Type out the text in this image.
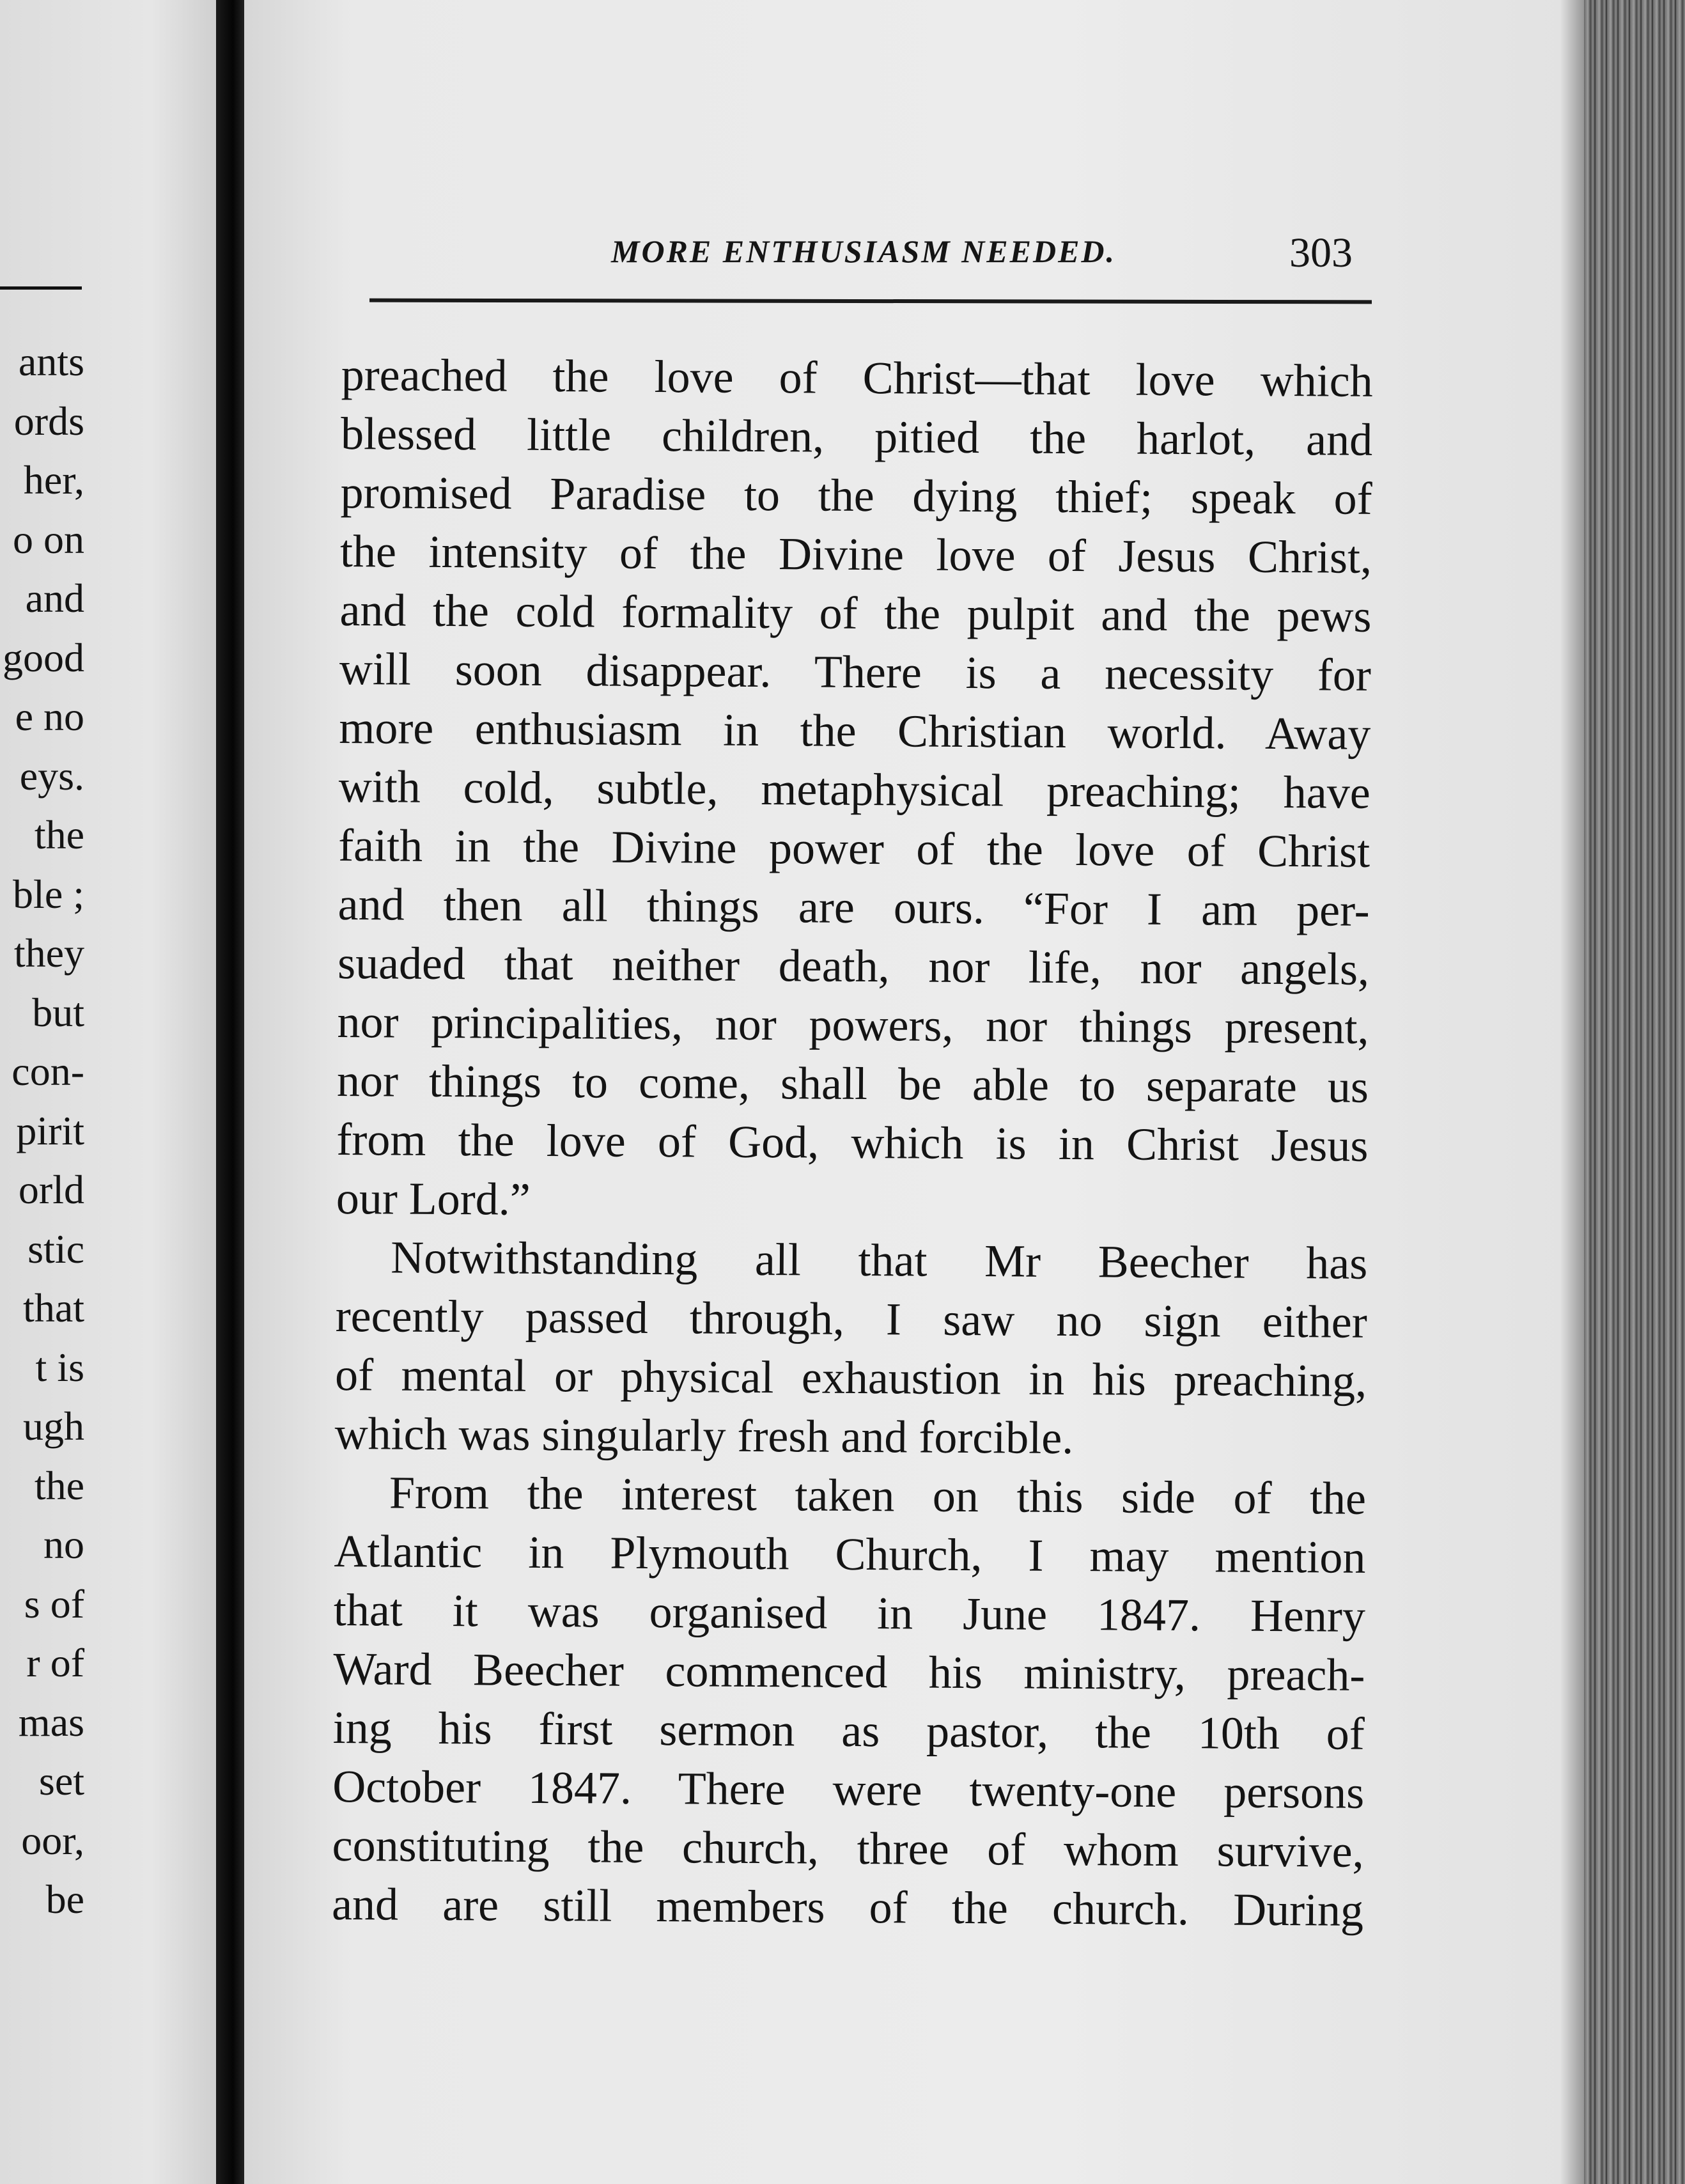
ants
ords
her,
o on
and
good
e no
eys.
the
ble ;
they
but
con-
pirit
orld
stic
that
t is
ugh
the
no
s of
r of
mas
set
oor,
be
MORE ENTHUSIASM NEEDED.	303
preached the love of Christ—that love which
blessed little children, pitied the harlot, and
promised Paradise to the dying thief; speak of
the intensity of the Divine love of Jesus Christ,
and the cold formality of the pulpit and the pews
will soon disappear. There is a necessity for
more enthusiasm in the Christian world. Away
with cold, subtle, metaphysical preaching; have
faith in the Divine power of the love of Christ
and then all things are ours. “For I am per-
suaded that neither death, nor life, nor angels,
nor principalities, nor powers, nor things present,
nor things to come, shall be able to separate us
from the love of God, which is in Christ Jesus
our Lord.”
Notwithstanding all that Mr Beecher has
recently passed through, I saw no sign either
of mental or physical exhaustion in his preaching,
which was singularly fresh and forcible.
From the interest taken on this side of the
Atlantic in Plymouth Church, I may mention
that it was organised in June 1847. Henry
Ward Beecher commenced his ministry, preach-
ing his first sermon as pastor, the 10th of
October 1847. There were twenty-one persons
constituting the church, three of whom survive,
and are still members of the church. During
